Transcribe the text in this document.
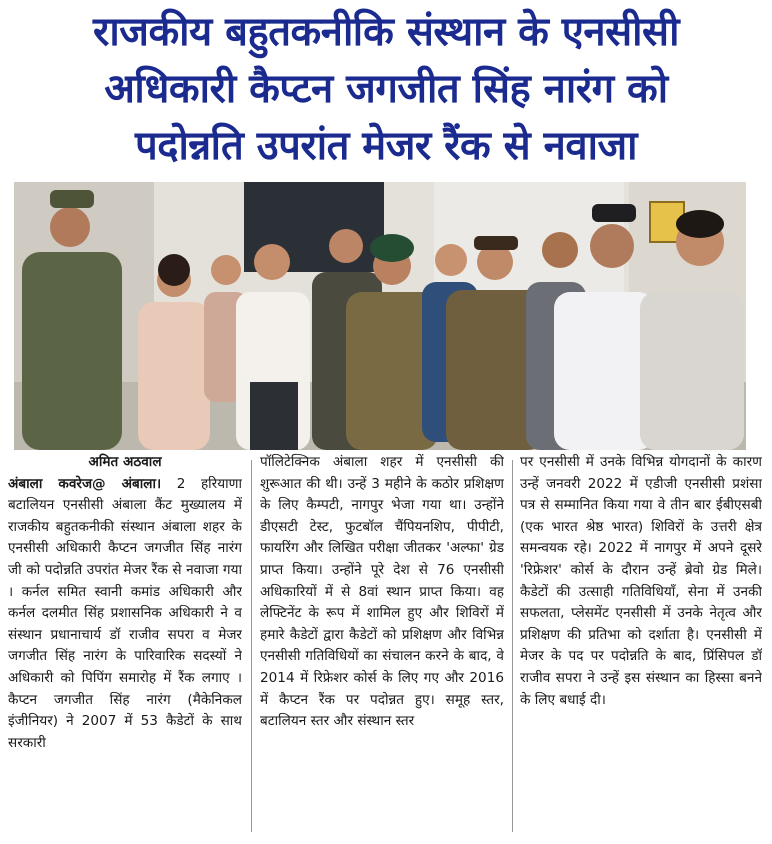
राजकीय बहुतकनीकि संस्थान के एनसीसी
अधिकारी कैप्टन जगजीत सिंह नारंग को
पदोन्नति उपरांत मेजर रैंक से नवाजा
अमित अठवाल
अंबाला कवरेज@ अंबाला। 2 हरियाणा बटालियन एनसीसी अंबाला कैंट मुख्यालय में राजकीय बहुतकनीकी संस्थान अंबाला शहर के एनसीसी अधिकारी कैप्टन जगजीत सिंह नारंग जी को पदोन्नति उपरांत मेजर रैंक से नवाजा गया । कर्नल समित स्वानी कमांड अधिकारी और कर्नल दलमीत सिंह प्रशासनिक अधिकारी ने व संस्थान प्रधानाचार्य डॉ राजीव सपरा व मेजर जगजीत सिंह नारंग के पारिवारिक सदस्यों ने अधिकारी को पिपिंग समारोह में रैंक लगाए । कैप्टन जगजीत सिंह नारंग (मैकेनिकल इंजीनियर) ने 2007 में 53 कैडेटों के साथ सरकारी
पॉलिटेक्निक अंबाला शहर में एनसीसी की शुरूआत की थी। उन्हें 3 महीने के कठोर प्रशिक्षण के लिए कैम्पटी, नागपुर भेजा गया था। उन्होंने डीएसटी टेस्ट, फुटबॉल चैंपियनशिप, पीपीटी, फायरिंग और लिखित परीक्षा जीतकर 'अल्फा' ग्रेड प्राप्त किया। उन्होंने पूरे देश से 76 एनसीसी अधिकारियों में से 8वां स्थान प्राप्त किया। वह लेफ्टिनेंट के रूप में शामिल हुए और शिविरों में हमारे कैडेटों द्वारा कैडेटों को प्रशिक्षण और विभिन्न एनसीसी गतिविधियों का संचालन करने के बाद, वे 2014 में रिफ्रेशर कोर्स के लिए गए और 2016 में कैप्टन रैंक पर पदोन्नत हुए। समूह स्तर, बटालियन स्तर और संस्थान स्तर
पर एनसीसी में उनके विभिन्न योगदानों के कारण उन्हें जनवरी 2022 में एडीजी एनसीसी प्रशंसा पत्र से सम्मानित किया गया वे तीन बार ईबीएसबी (एक भारत श्रेष्ठ भारत) शिविरों के उत्तरी क्षेत्र समन्वयक रहे। 2022 में नागपुर में अपने दूसरे 'रिफ्रेशर' कोर्स के दौरान उन्हें ब्रेवो ग्रेड मिले। कैडेटों की उत्साही गतिविधियाँ, सेना में उनकी सफलता, प्लेसमेंट एनसीसी में उनके नेतृत्व और प्रशिक्षण की प्रतिभा को दर्शाता है। एनसीसी में मेजर के पद पर पदोन्नति के बाद, प्रिंसिपल डॉ राजीव सपरा ने उन्हें इस संस्थान का हिस्सा बनने के लिए बधाई दी।
